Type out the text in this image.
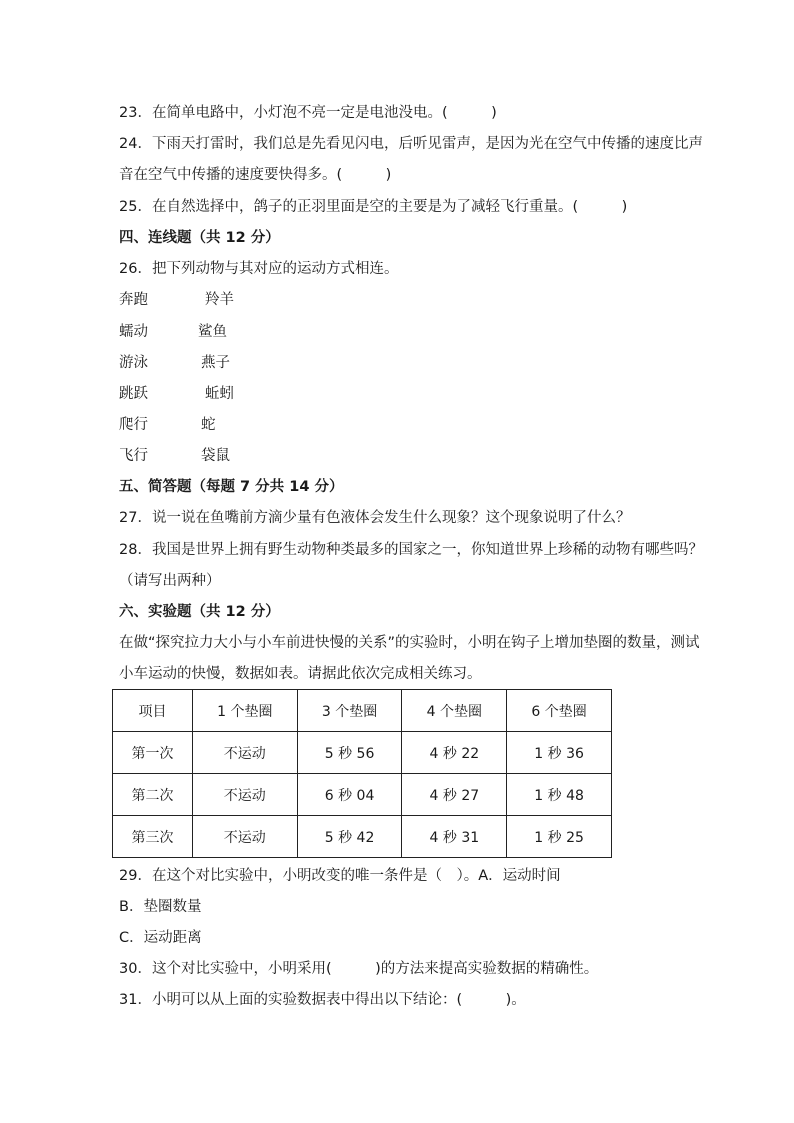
23．在简单电路中，小灯泡不亮一定是电池没电。(　　　)
24．下雨天打雷时，我们总是先看见闪电，后听见雷声，是因为光在空气中传播的速度比声
音在空气中传播的速度要快得多。(　　　)
25．在自然选择中，鸽子的正羽里面是空的主要是为了减轻飞行重量。(　　　)
四、连线题（共 12 分）
26．把下列动物与其对应的运动方式相连。
奔跑	羚羊
蠕动	鲨鱼
游泳	燕子
跳跃	蚯蚓
爬行	蛇
飞行	袋鼠
五、简答题（每题 7 分共 14 分）
27．说一说在鱼嘴前方滴少量有色液体会发生什么现象？这个现象说明了什么？
28．我国是世界上拥有野生动物种类最多的国家之一，你知道世界上珍稀的动物有哪些吗？
（请写出两种）
六、实验题（共 12 分）
在做“探究拉力大小与小车前进快慢的关系”的实验时，小明在钩子上增加垫圈的数量，测试
小车运动的快慢，数据如表。请据此依次完成相关练习。
项目	1 个垫圈	3 个垫圈	4 个垫圈	6 个垫圈
第一次	不运动	5 秒 56	4 秒 22	1 秒 36
第二次	不运动	6 秒 04	4 秒 27	1 秒 48
第三次	不运动	5 秒 42	4 秒 31	1 秒 25
29．在这个对比实验中，小明改变的唯一条件是（　）。A．运动时间
B．垫圈数量
C．运动距离
30．这个对比实验中，小明采用(　　　)的方法来提高实验数据的精确性。
31．小明可以从上面的实验数据表中得出以下结论：(　　　)。
